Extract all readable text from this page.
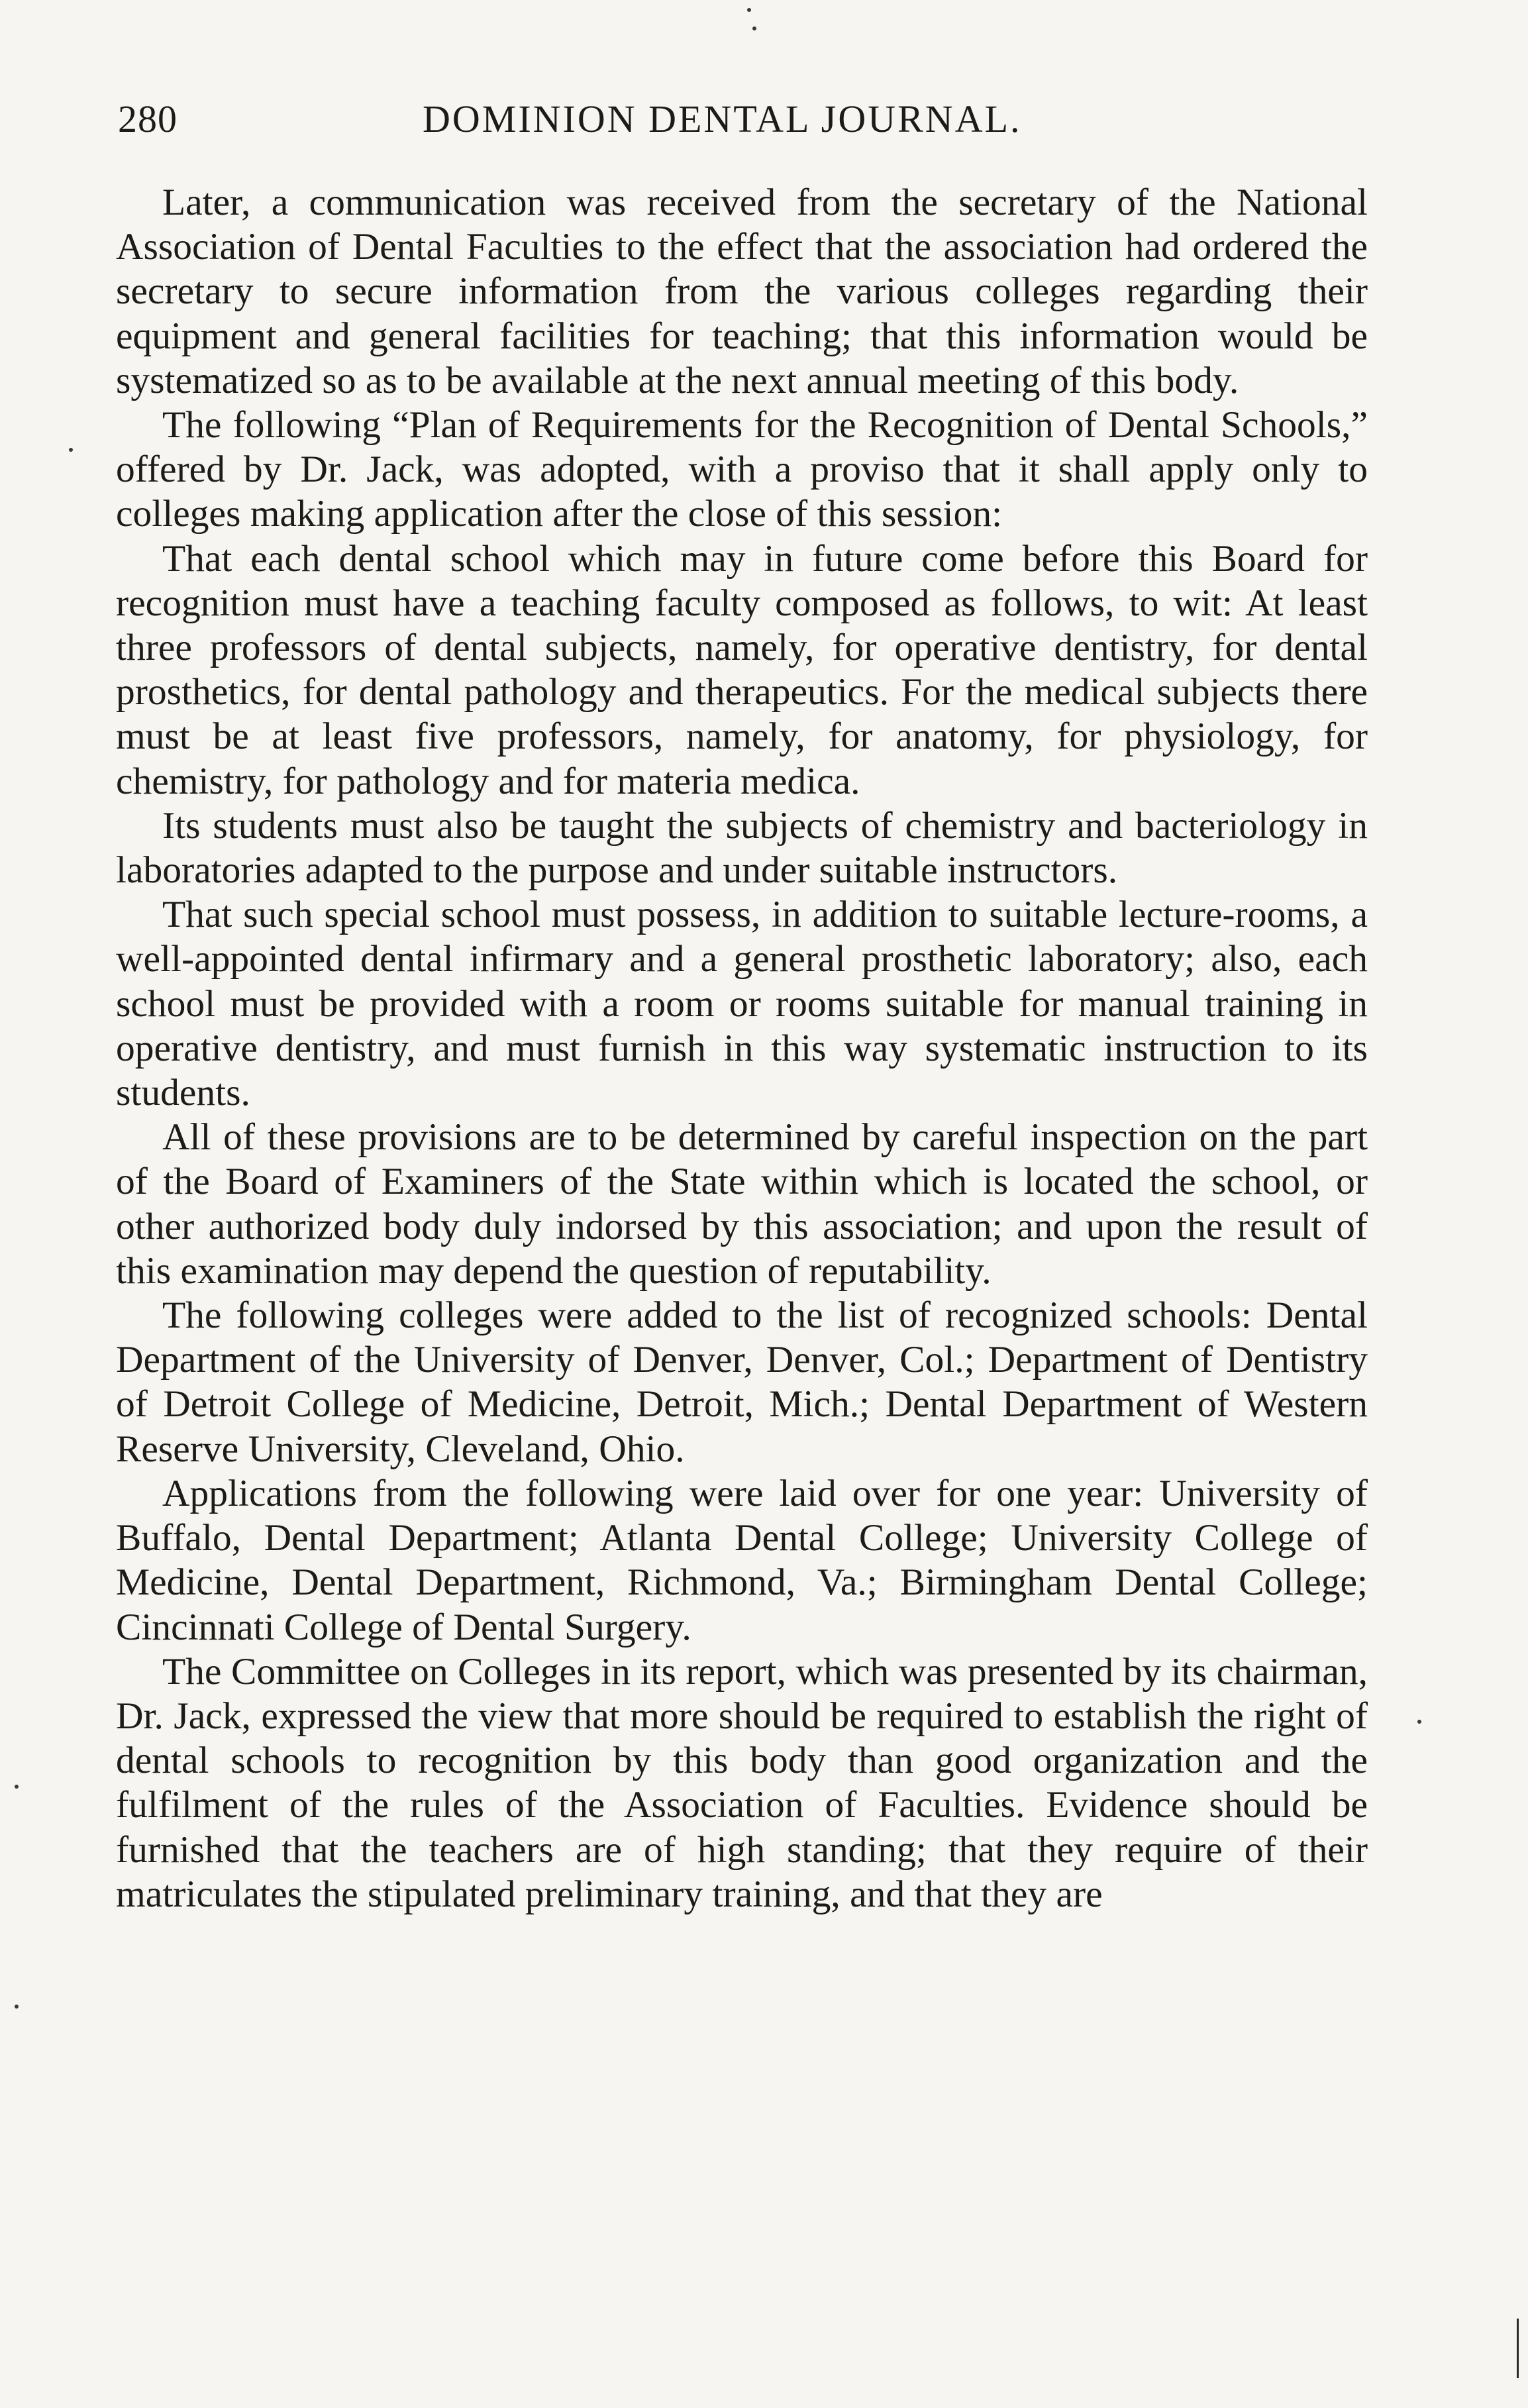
280	DOMINION DENTAL JOURNAL.

Later, a communication was received from the secretary of the National Association of Dental Faculties to the effect that the association had ordered the secretary to secure information from the various colleges regarding their equipment and general facilities for teaching; that this information would be systematized so as to be available at the next annual meeting of this body.

The following “Plan of Requirements for the Recognition of Dental Schools,” offered by Dr. Jack, was adopted, with a proviso that it shall apply only to colleges making application after the close of this session:

That each dental school which may in future come before this Board for recognition must have a teaching faculty composed as follows, to wit: At least three professors of dental subjects, namely, for operative dentistry, for dental prosthetics, for dental pathology and therapeutics. For the medical subjects there must be at least five professors, namely, for anatomy, for physiology, for chemistry, for pathology and for materia medica.

Its students must also be taught the subjects of chemistry and bacteriology in laboratories adapted to the purpose and under suitable instructors.

That such special school must possess, in addition to suitable lecture-rooms, a well-appointed dental infirmary and a general prosthetic laboratory; also, each school must be provided with a room or rooms suitable for manual training in operative dentistry, and must furnish in this way systematic instruction to its students.

All of these provisions are to be determined by careful inspection on the part of the Board of Examiners of the State within which is located the school, or other authorized body duly indorsed by this association; and upon the result of this examination may depend the question of reputability.

The following colleges were added to the list of recognized schools: Dental Department of the University of Denver, Denver, Col.; Department of Dentistry of Detroit College of Medicine, Detroit, Mich.; Dental Department of Western Reserve University, Cleveland, Ohio.

Applications from the following were laid over for one year: University of Buffalo, Dental Department; Atlanta Dental College; University College of Medicine, Dental Department, Richmond, Va.; Birmingham Dental College; Cincinnati College of Dental Surgery.

The Committee on Colleges in its report, which was presented by its chairman, Dr. Jack, expressed the view that more should be required to establish the right of dental schools to recognition by this body than good organization and the fulfilment of the rules of the Association of Faculties. Evidence should be furnished that the teachers are of high standing; that they require of their matriculates the stipulated preliminary training, and that they are
